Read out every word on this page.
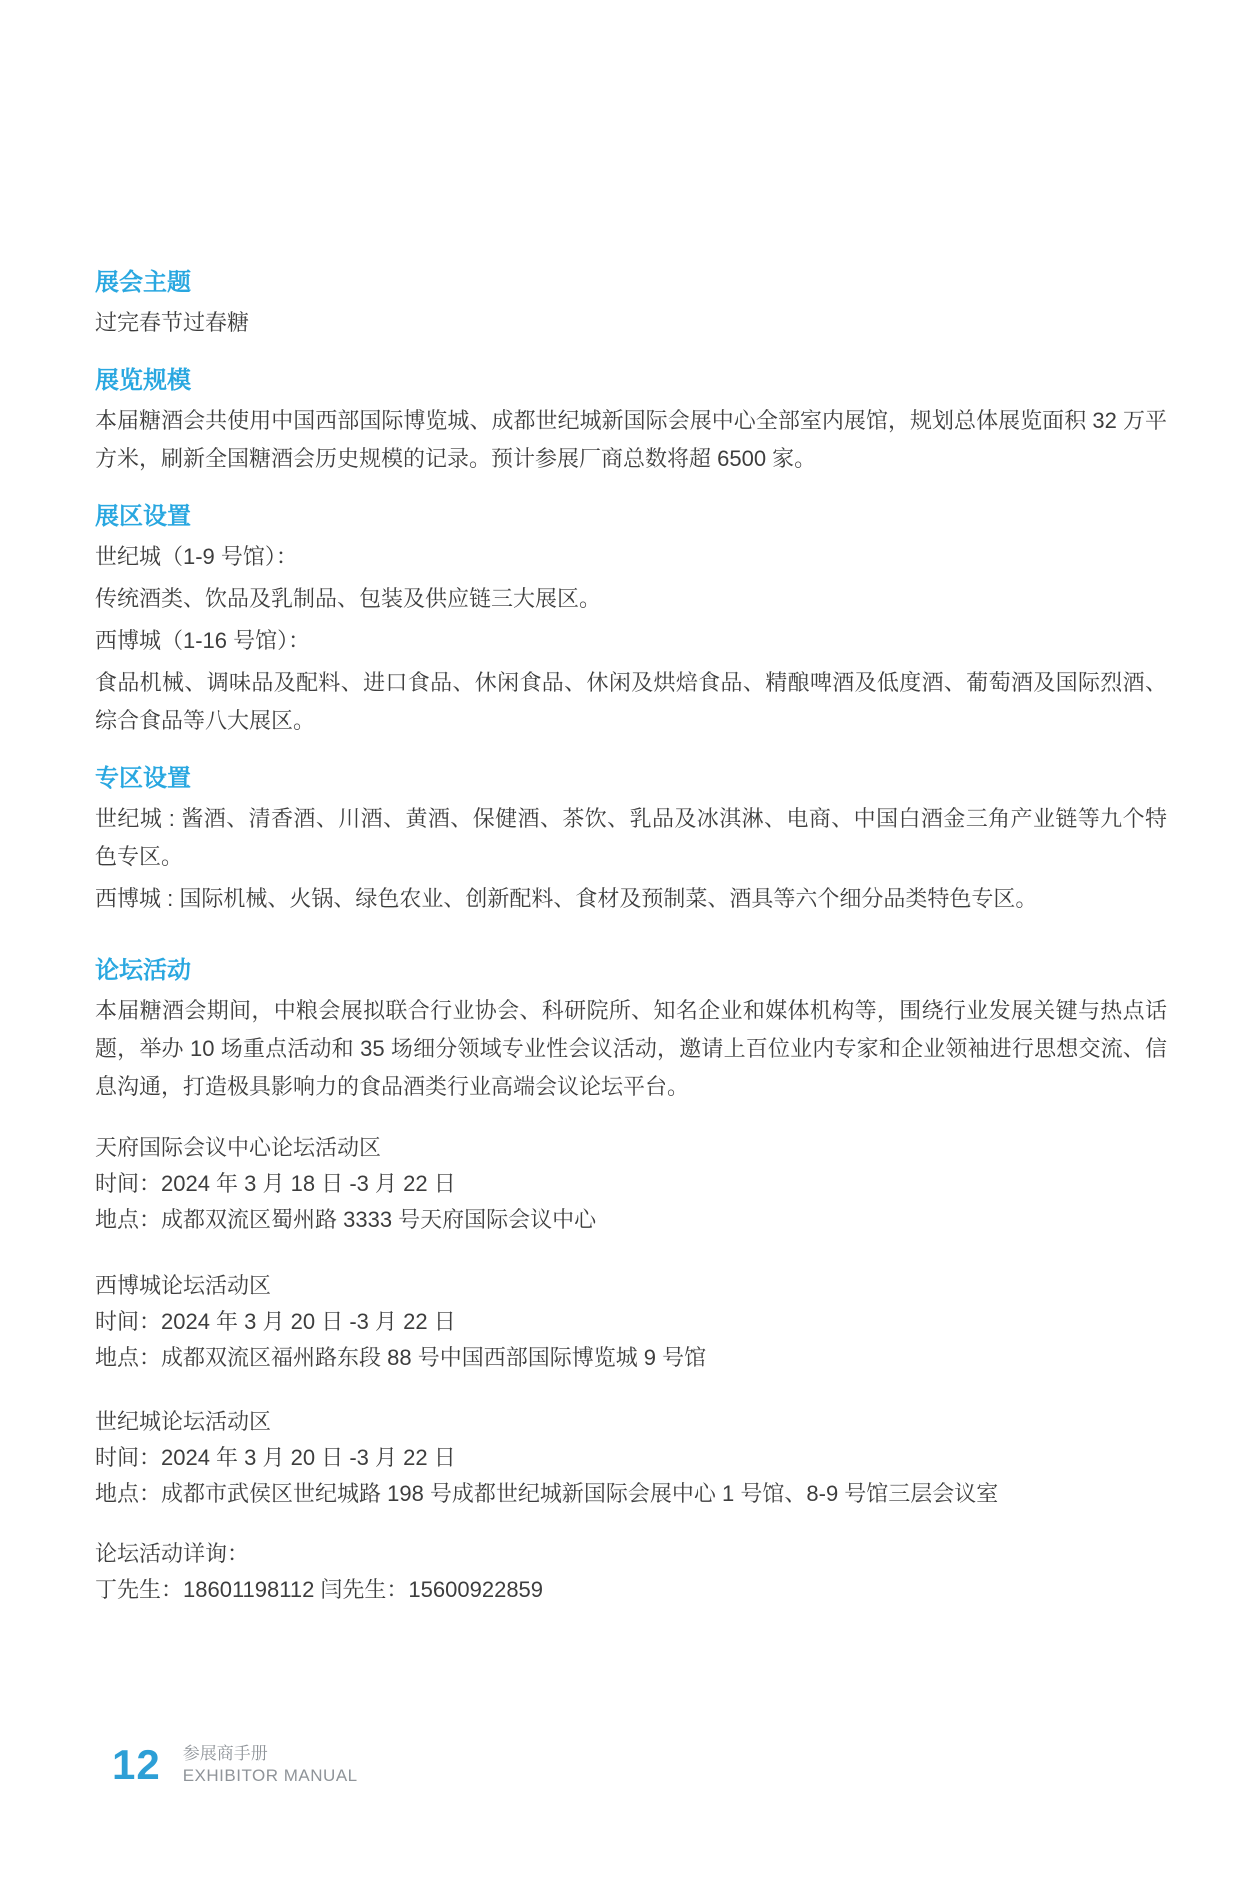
展会主题

过完春节过春糖

展览规模

本届糖酒会共使用中国西部国际博览城、成都世纪城新国际会展中心全部室内展馆，规划总体展览面积 32 万平方米，刷新全国糖酒会历史规模的记录。预计参展厂商总数将超 6500 家。

展区设置

世纪城（1-9 号馆）：

传统酒类、饮品及乳制品、包装及供应链三大展区。

西博城（1-16 号馆）：

食品机械、调味品及配料、进口食品、休闲食品、休闲及烘焙食品、精酿啤酒及低度酒、葡萄酒及国际烈酒、综合食品等八大展区。

专区设置

世纪城 : 酱酒、清香酒、川酒、黄酒、保健酒、茶饮、乳品及冰淇淋、电商、中国白酒金三角产业链等九个特色专区。

西博城 : 国际机械、火锅、绿色农业、创新配料、食材及预制菜、酒具等六个细分品类特色专区。

论坛活动

本届糖酒会期间，中粮会展拟联合行业协会、科研院所、知名企业和媒体机构等，围绕行业发展关键与热点话题，举办 10 场重点活动和 35 场细分领域专业性会议活动，邀请上百位业内专家和企业领袖进行思想交流、信息沟通，打造极具影响力的食品酒类行业高端会议论坛平台。

天府国际会议中心论坛活动区
时间：2024 年 3 月 18 日 -3 月 22 日
地点：成都双流区蜀州路 3333 号天府国际会议中心
西博城论坛活动区
时间：2024 年 3 月 20 日 -3 月 22 日
地点：成都双流区福州路东段 88 号中国西部国际博览城 9 号馆
世纪城论坛活动区
时间：2024 年 3 月 20 日 -3 月 22 日
地点：成都市武侯区世纪城路 198 号成都世纪城新国际会展中心 1 号馆、8-9 号馆三层会议室
论坛活动详询：
丁先生：18601198112 闫先生：15600922859
12 参展商手册
EXHIBITOR MANUAL
